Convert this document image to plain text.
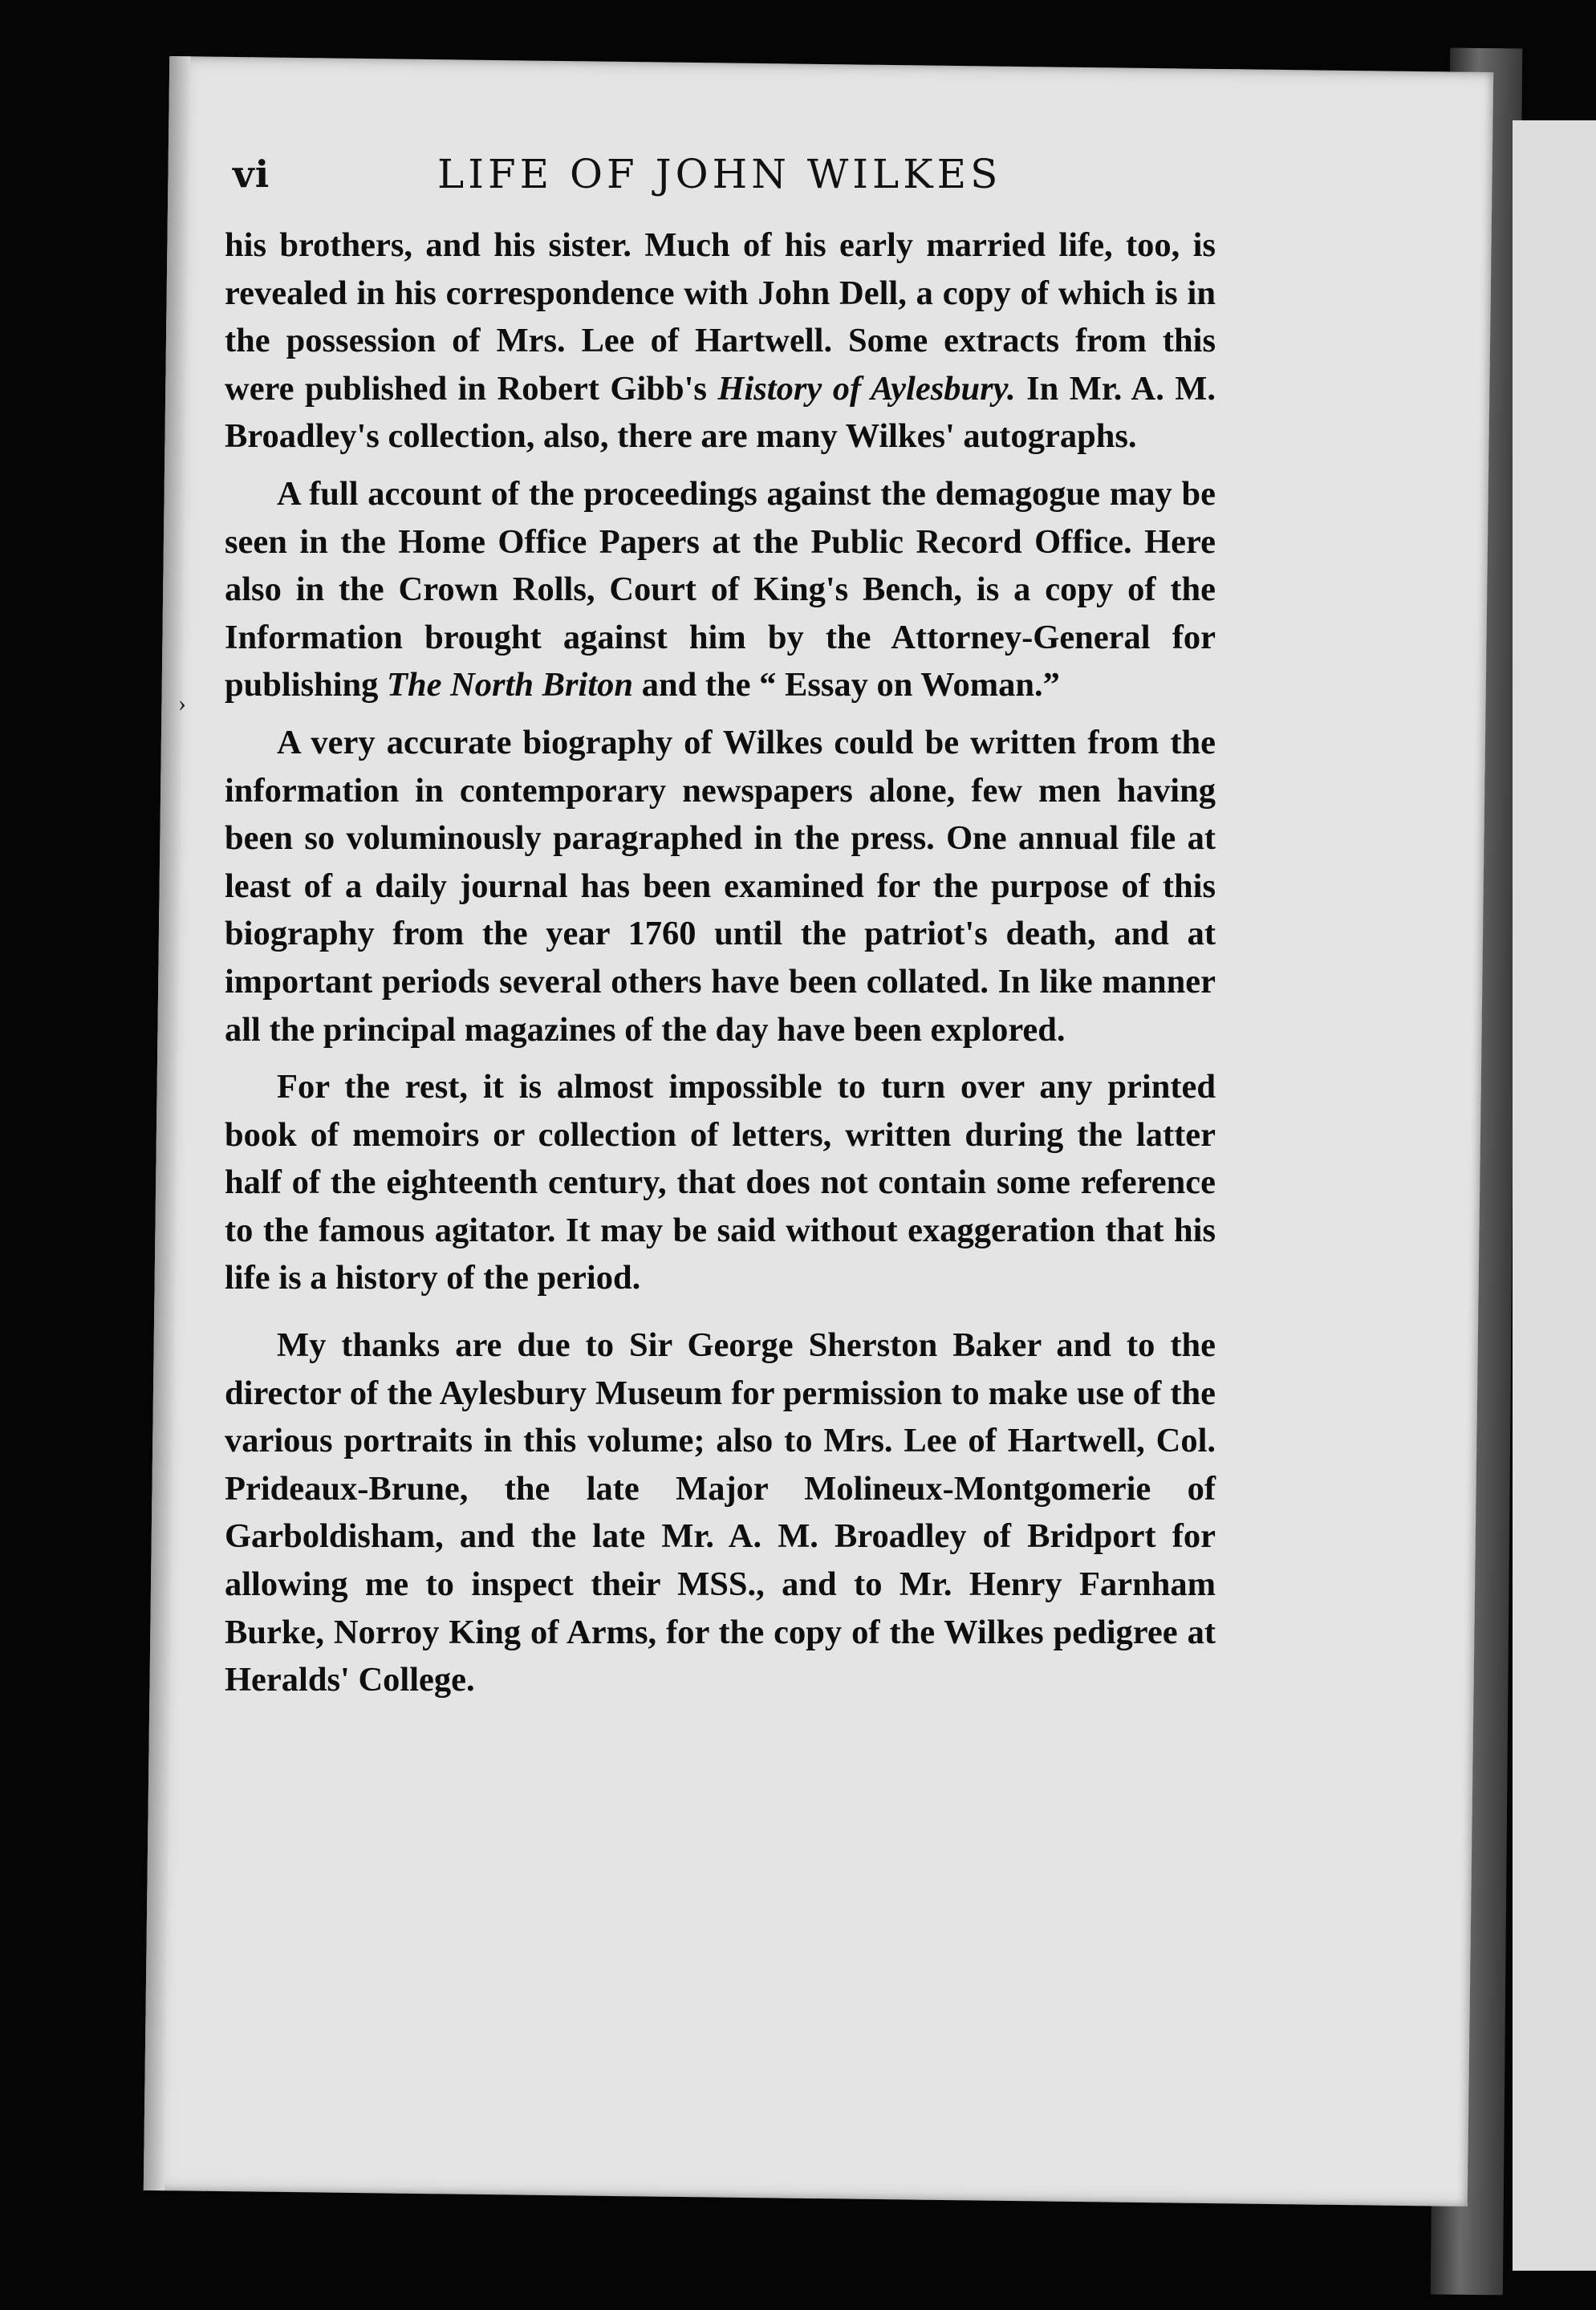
vi	LIFE OF JOHN WILKES
›

his brothers, and his sister. Much of his early married life, too, is revealed in his correspondence with John Dell, a copy of which is in the possession of Mrs. Lee of Hartwell. Some extracts from this were published in Robert Gibb's History of Aylesbury. In Mr. A. M. Broadley's collection, also, there are many Wilkes' autographs.

A full account of the proceedings against the demagogue may be seen in the Home Office Papers at the Public Record Office. Here also in the Crown Rolls, Court of King's Bench, is a copy of the Information brought against him by the Attorney-General for publishing The North Briton and the “ Essay on Woman.”

A very accurate biography of Wilkes could be written from the information in contemporary newspapers alone, few men having been so voluminously paragraphed in the press. One annual file at least of a daily journal has been examined for the purpose of this biography from the year 1760 until the patriot's death, and at important periods several others have been collated. In like manner all the principal magazines of the day have been explored.

For the rest, it is almost impossible to turn over any printed book of memoirs or collection of letters, written during the latter half of the eighteenth century, that does not contain some reference to the famous agitator. It may be said without exaggeration that his life is a history of the period.

My thanks are due to Sir George Sherston Baker and to the director of the Aylesbury Museum for permission to make use of the various portraits in this volume; also to Mrs. Lee of Hartwell, Col. Prideaux-Brune, the late Major Molineux-Montgomerie of Garboldisham, and the late Mr. A. M. Broadley of Bridport for allowing me to inspect their MSS., and to Mr. Henry Farnham Burke, Norroy King of Arms, for the copy of the Wilkes pedigree at Heralds' College.
